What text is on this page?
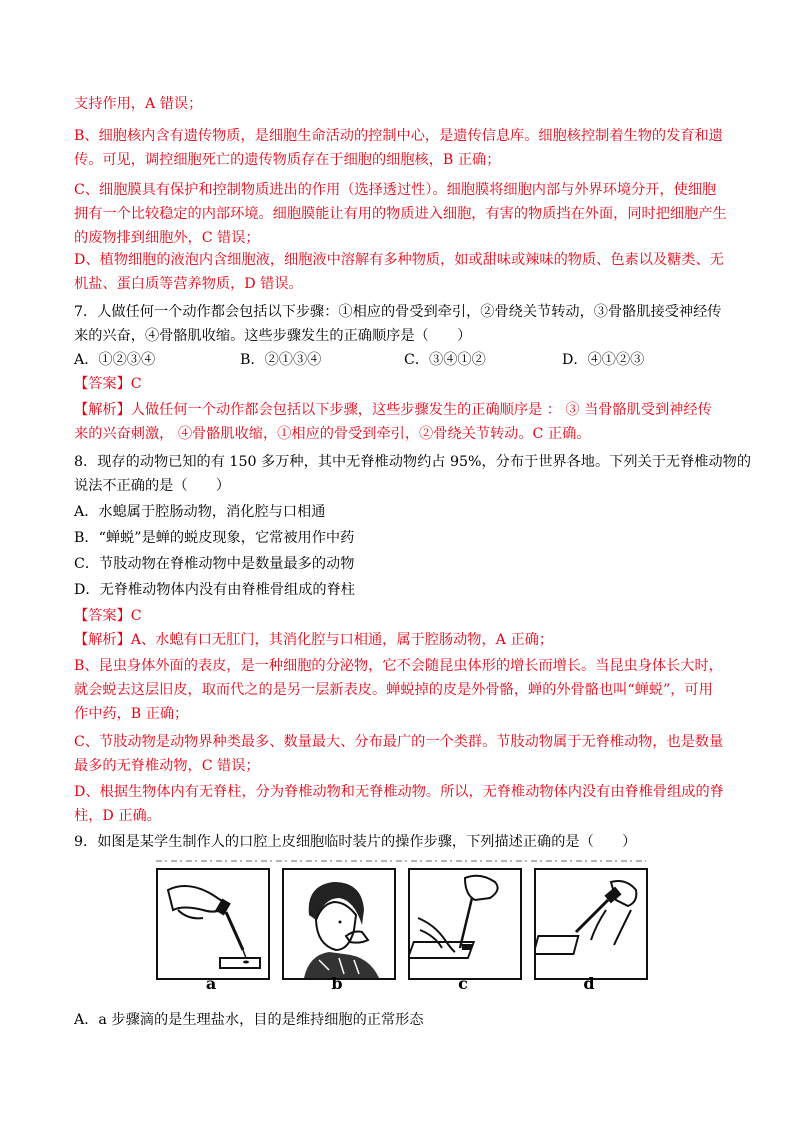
支持作用，A 错误；
B、细胞核内含有遗传物质，是细胞生命活动的控制中心，是遗传信息库。细胞核控制着生物的发育和遗
传。可见，调控细胞死亡的遗传物质存在于细胞的细胞核，B 正确；
C、细胞膜具有保护和控制物质进出的作用（选择透过性）。细胞膜将细胞内部与外界环境分开，使细胞
拥有一个比较稳定的内部环境。细胞膜能让有用的物质进入细胞，有害的物质挡在外面，同时把细胞产生
的废物排到细胞外，C 错误；
D、植物细胞的液泡内含细胞液，细胞液中溶解有多种物质，如或甜味或辣味的物质、色素以及糖类、无
机盐、蛋白质等营养物质，D 错误。
7．人做任何一个动作都会包括以下步骤：①相应的骨受到牵引，②骨绕关节转动，③骨骼肌接受神经传
来的兴奋，④骨骼肌收缩。这些步骤发生的正确顺序是（　　）
【答案】C
【解析】人做任何一个动作都会包括以下步骤，这些步骤发生的正确顺序是 ： ③ 当骨骼肌受到神经传
来的兴奋刺激， ④骨骼肌收缩，①相应的骨受到牵引，②骨绕关节转动。C 正确。
8．现存的动物已知的有 150 多万种，其中无脊椎动物约占 95%，分布于世界各地。下列关于无脊椎动物的
说法不正确的是（　　）
A．水螅属于腔肠动物，消化腔与口相通
B．“蝉蜕”是蝉的蜕皮现象，它常被用作中药
C．节肢动物在脊椎动物中是数量最多的动物
D．无脊椎动物体内没有由脊椎骨组成的脊柱
【答案】C
【解析】A、水螅有口无肛门，其消化腔与口相通，属于腔肠动物，A 正确；
B、昆虫身体外面的表皮，是一种细胞的分泌物，它不会随昆虫体形的增长而增长。当昆虫身体长大时，
就会蜕去这层旧皮，取而代之的是另一层新表皮。蝉蜕掉的皮是外骨骼，蝉的外骨骼也叫“蝉蜕”，可用
作中药，B 正确；
C、节肢动物是动物界种类最多、数量最大、分布最广的一个类群。节肢动物属于无脊椎动物，也是数量
最多的无脊椎动物，C 错误；
D、根据生物体内有无脊柱，分为脊椎动物和无脊椎动物。所以，无脊椎动物体内没有由脊椎骨组成的脊
柱，D 正确。
9．如图是某学生制作人的口腔上皮细胞临时装片的操作步骤，下列描述正确的是（　　）
A．a 步骤滴的是生理盐水，目的是维持细胞的正常形态
A．①②③④	B．②①③④	C．③④①②	D．④①②③
a	b	c	d
